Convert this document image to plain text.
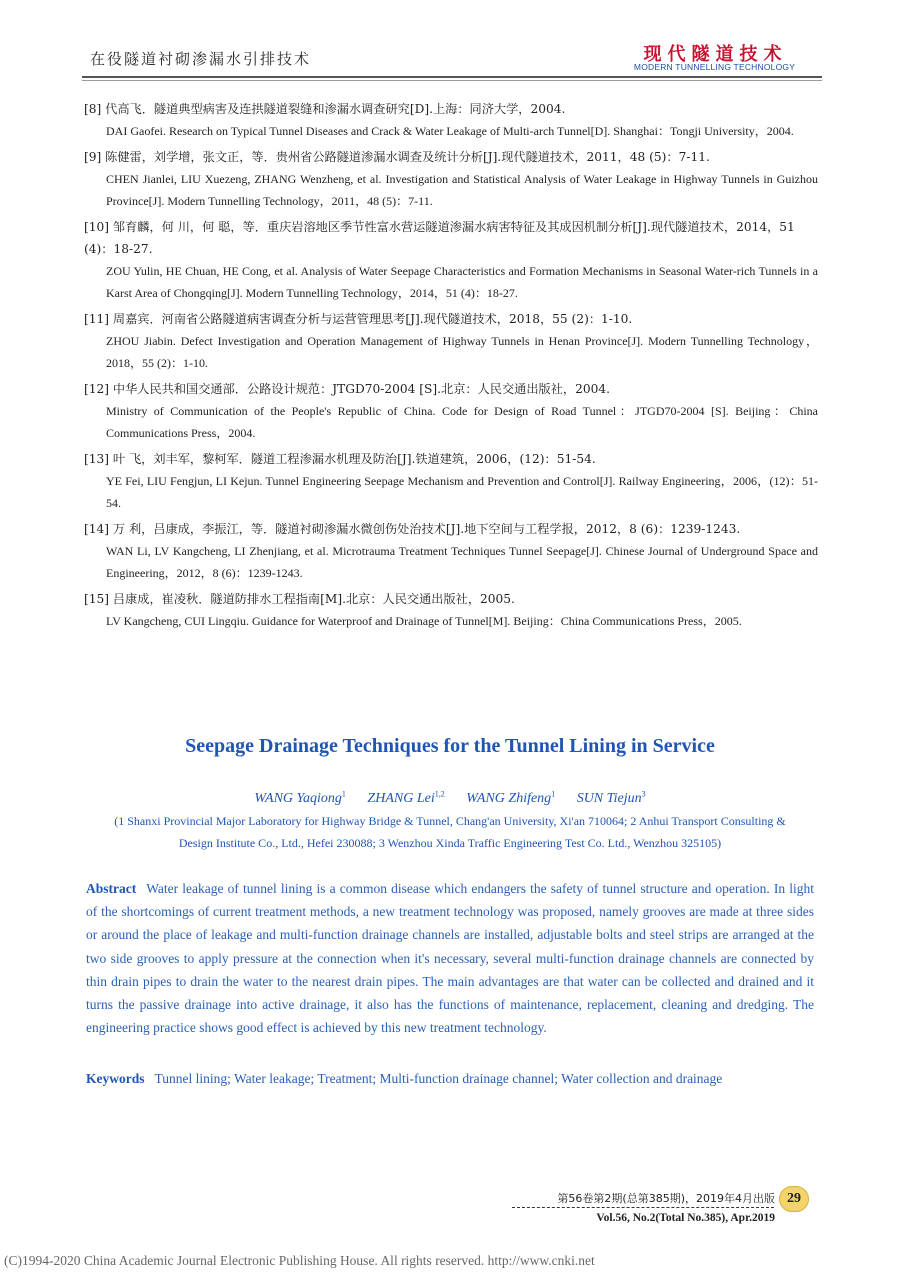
在役隧道衬砌渗漏水引排技术	现代隧道技术
MODERN TUNNELLING TECHNOLOGY
[8] 代高飞．隧道典型病害及连拱隧道裂缝和渗漏水调查研究[D].上海：同济大学，2004.
DAI Gaofei. Research on Typical Tunnel Diseases and Crack & Water Leakage of Multi-arch Tunnel[D]. Shanghai：Tongji University，2004.
[9] 陈健雷，刘学增，张文正，等．贵州省公路隧道渗漏水调查及统计分析[J].现代隧道技术，2011，48 (5)：7-11.
CHEN Jianlei, LIU Xuezeng, ZHANG Wenzheng, et al. Investigation and Statistical Analysis of Water Leakage in Highway Tunnels in Guizhou Province[J]. Modern Tunnelling Technology，2011，48 (5)：7-11.
[10] 邹育麟，何 川，何 聪，等．重庆岩溶地区季节性富水营运隧道渗漏水病害特征及其成因机制分析[J].现代隧道技术，2014，51 (4)：18-27.
ZOU Yulin, HE Chuan, HE Cong, et al. Analysis of Water Seepage Characteristics and Formation Mechanisms in Seasonal Water-rich Tunnels in a Karst Area of Chongqing[J]. Modern Tunnelling Technology，2014，51 (4)：18-27.
[11] 周嘉宾．河南省公路隧道病害调查分析与运营管理思考[J].现代隧道技术，2018，55 (2)：1-10.
ZHOU Jiabin. Defect Investigation and Operation Management of Highway Tunnels in Henan Province[J]. Modern Tunnelling Technology，2018，55 (2)：1-10.
[12] 中华人民共和国交通部．公路设计规范：JTGD70-2004 [S].北京：人民交通出版社，2004.
Ministry of Communication of the People's Republic of China. Code for Design of Road Tunnel：JTGD70-2004 [S]. Beijing：China Communications Press，2004.
[13] 叶 飞，刘丰军，黎柯军．隧道工程渗漏水机理及防治[J].铁道建筑，2006，(12)：51-54.
YE Fei, LIU Fengjun, LI Kejun. Tunnel Engineering Seepage Mechanism and Prevention and Control[J]. Railway Engineering，2006，(12)：51-54.
[14] 万 利，吕康成，李振江，等．隧道衬砌渗漏水微创伤处治技术[J].地下空间与工程学报，2012，8 (6)：1239-1243.
WAN Li, LV Kangcheng, LI Zhenjiang, et al. Microtrauma Treatment Techniques Tunnel Seepage[J]. Chinese Journal of Underground Space and Engineering，2012，8 (6)：1239-1243.
[15] 吕康成，崔凌秋．隧道防排水工程指南[M].北京：人民交通出版社，2005.
LV Kangcheng, CUI Lingqiu. Guidance for Waterproof and Drainage of Tunnel[M]. Beijing：China Communications Press，2005.
Seepage Drainage Techniques for the Tunnel Lining in Service
WANG Yaqiong$^1$ ZHANG Lei$^{1,2}$ WANG Zhifeng$^1$ SUN Tiejun$^3$
(1 Shanxi Provincial Major Laboratory for Highway Bridge & Tunnel, Chang'an University, Xi'an 710064; 2 Anhui Transport Consulting & Design Institute Co., Ltd., Hefei 230088; 3 Wenzhou Xinda Traffic Engineering Test Co. Ltd., Wenzhou 325105)
Abstract Water leakage of tunnel lining is a common disease which endangers the safety of tunnel structure and operation. In light of the shortcomings of current treatment methods, a new treatment technology was proposed, namely grooves are made at three sides or around the place of leakage and multi-function drainage channels are installed, adjustable bolts and steel strips are arranged at the two side grooves to apply pressure at the connection when it's necessary, several multi-function drainage channels are connected by thin drain pipes to drain the water to the nearest drain pipes. The main advantages are that water can be collected and drained and it turns the passive drainage into active drainage, it also has the functions of maintenance, replacement, cleaning and dredging. The engineering practice shows good effect is achieved by this new treatment technology.
Keywords Tunnel lining; Water leakage; Treatment; Multi-function drainage channel; Water collection and drainage
第56卷第2期(总第385期)，2019年4月出版
Vol.56, No.2(Total No.385), Apr.2019
29
(C)1994-2020 China Academic Journal Electronic Publishing House. All rights reserved. http://www.cnki.net
